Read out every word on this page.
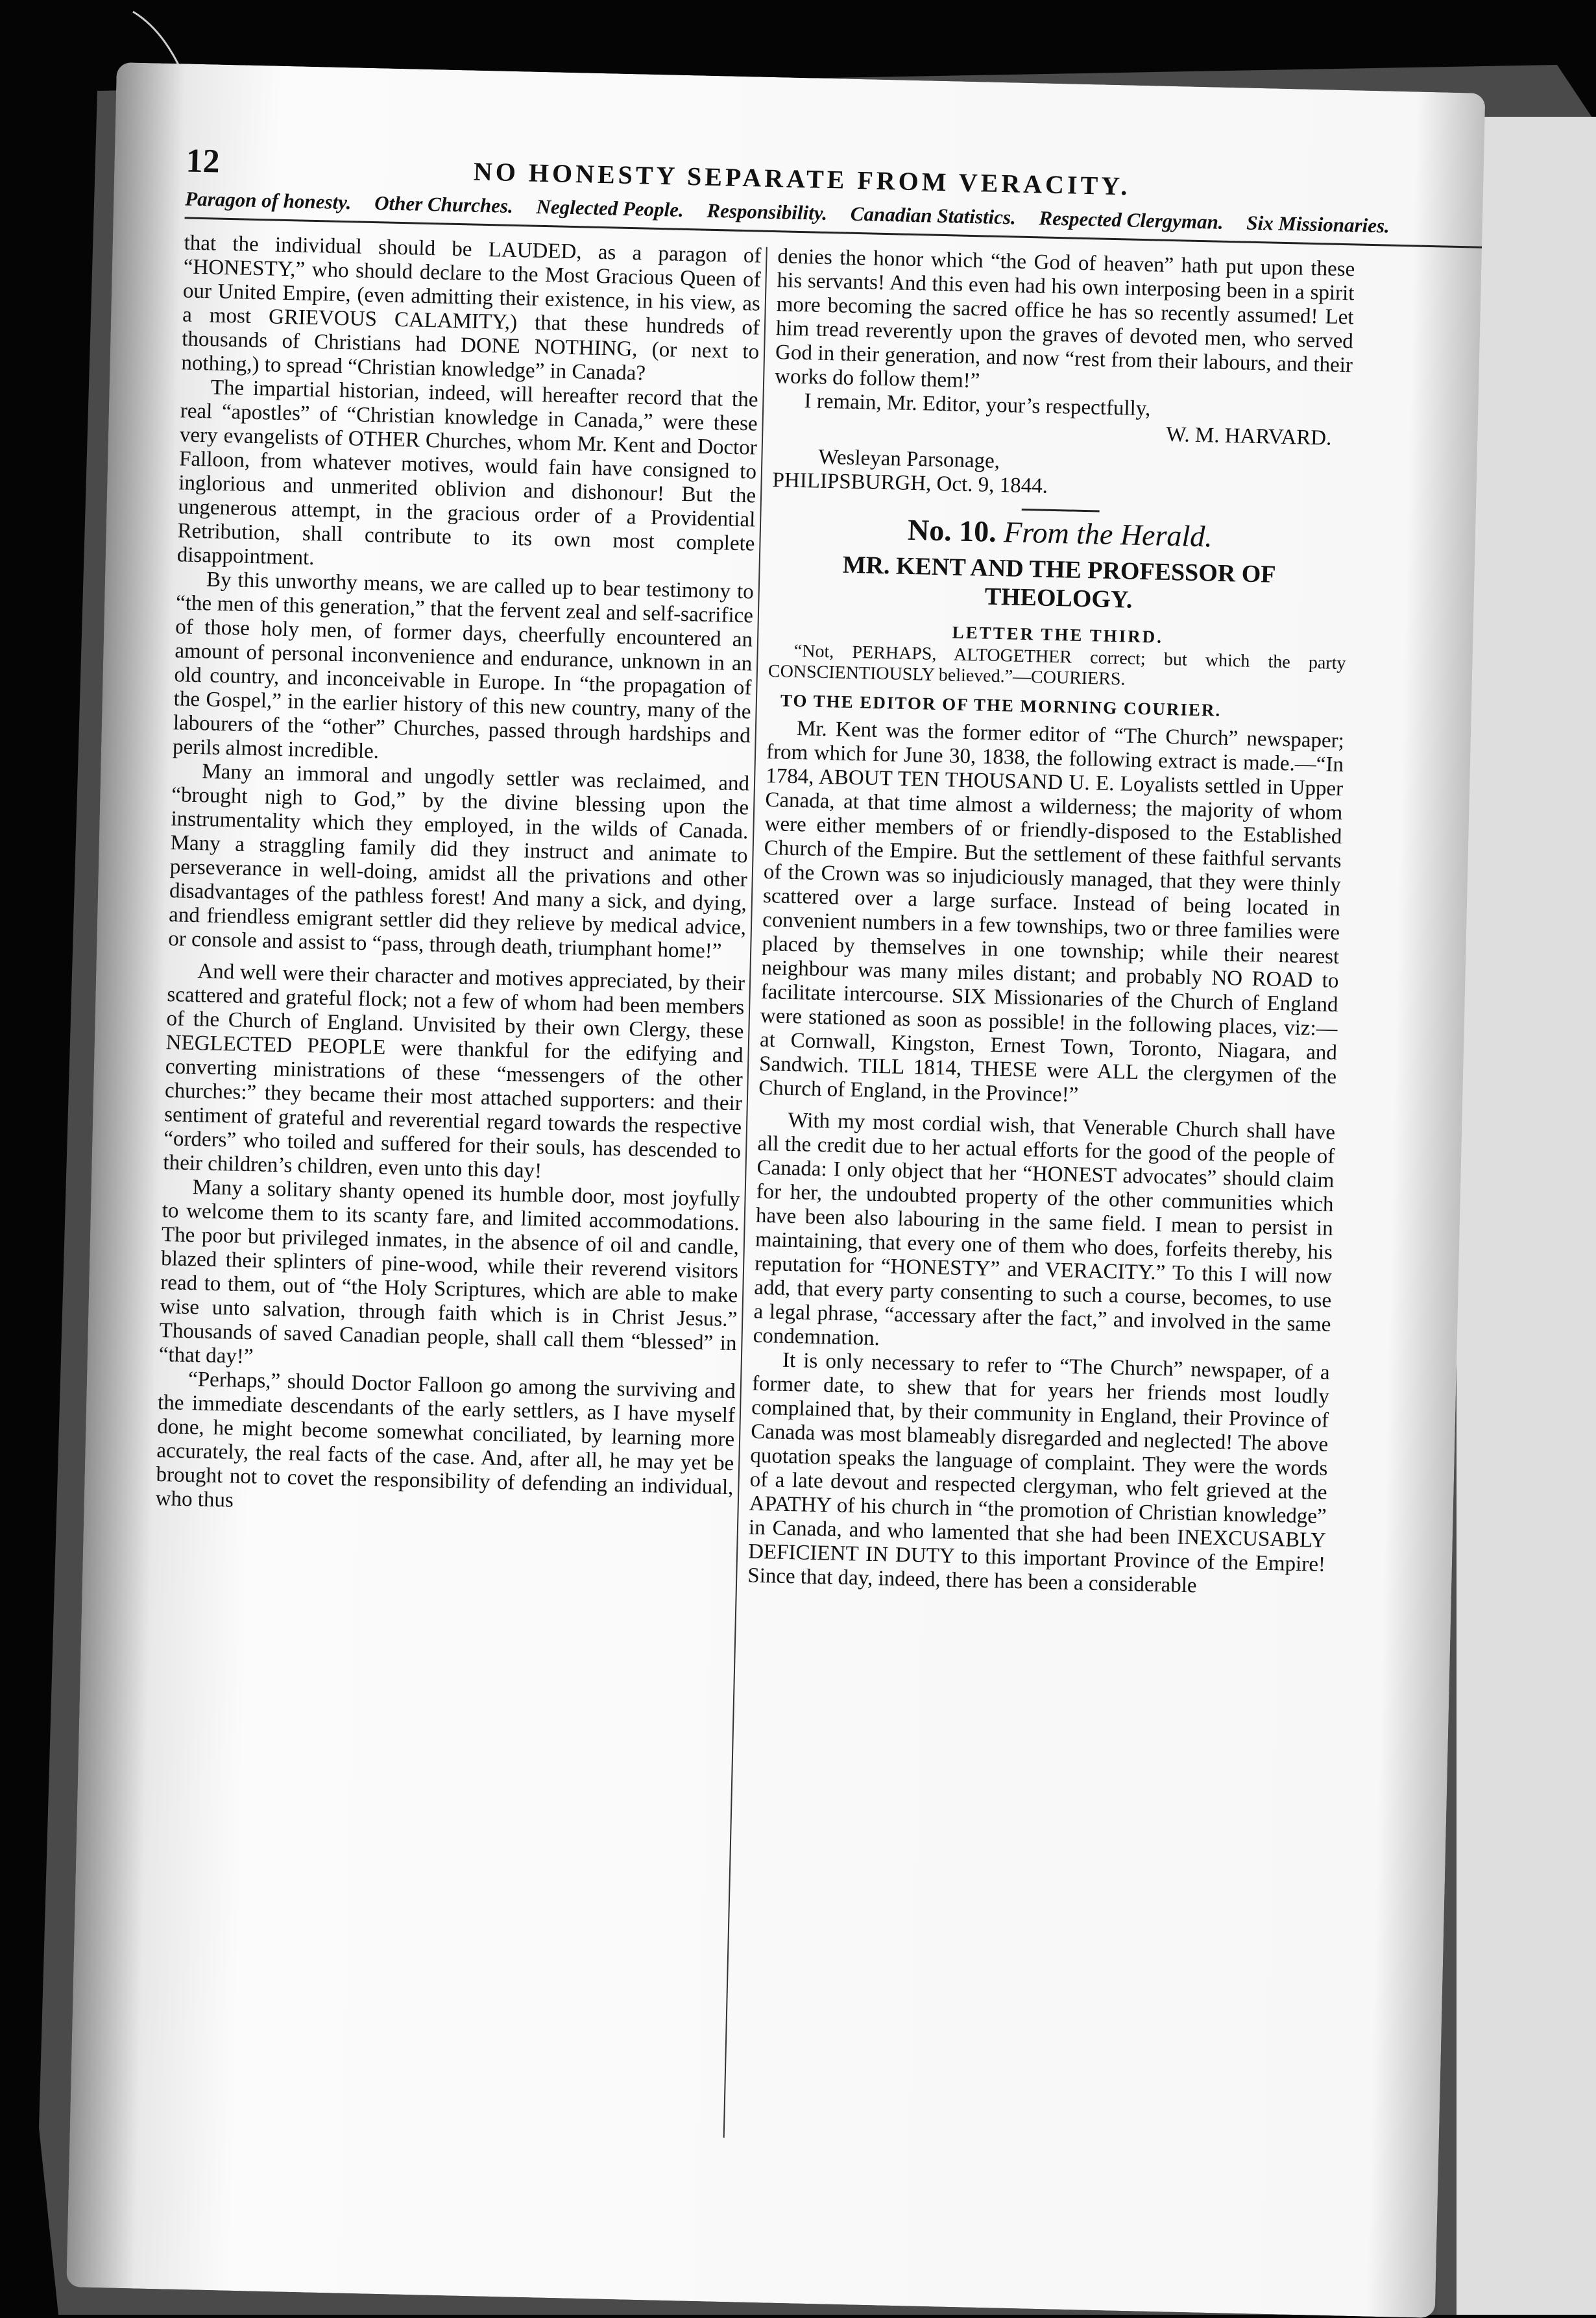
12	NO HONESTY SEPARATE FROM VERACITY.
Paragon of honesty. Other Churches. Neglected People. Responsibility. Canadian Statistics. Respected Clergyman. Six Missionaries.

that the individual should be LAUDED, as a paragon of “HONESTY,” who should declare to the Most Gracious Queen of our United Empire, (even admitting their existence, in his view, as a most GRIEVOUS CALAMITY,) that these hundreds of thousands of Christians had DONE NOTHING, (or next to nothing,) to spread “Christian knowledge” in Canada?

The impartial historian, indeed, will hereafter record that the real “apostles” of “Christian knowledge in Canada,” were these very evangelists of OTHER Churches, whom Mr. Kent and Doctor Falloon, from whatever motives, would fain have consigned to inglorious and unmerited oblivion and dishonour! But the ungenerous attempt, in the gracious order of a Providential Retribution, shall contribute to its own most complete disappointment.

By this unworthy means, we are called up to bear testimony to “the men of this generation,” that the fervent zeal and self-sacrifice of those holy men, of former days, cheerfully encountered an amount of personal inconvenience and endurance, unknown in an old country, and inconceivable in Europe. In “the propagation of the Gospel,” in the earlier history of this new country, many of the labourers of the “other” Churches, passed through hardships and perils almost incredible.

Many an immoral and ungodly settler was reclaimed, and “brought nigh to God,” by the divine blessing upon the instrumentality which they employed, in the wilds of Canada. Many a straggling family did they instruct and animate to perseverance in well-doing, amidst all the privations and other disadvantages of the pathless forest! And many a sick, and dying, and friendless emigrant settler did they relieve by medical advice, or console and assist to “pass, through death, triumphant home!”

And well were their character and motives appreciated, by their scattered and grateful flock; not a few of whom had been members of the Church of England. Unvisited by their own Clergy, these NEGLECTED PEOPLE were thankful for the edifying and converting ministrations of these “messengers of the other churches:” they became their most attached supporters: and their sentiment of grateful and reverential regard towards the respective “orders” who toiled and suffered for their souls, has descended to their children’s children, even unto this day!

Many a solitary shanty opened its humble door, most joyfully to welcome them to its scanty fare, and limited accommodations. The poor but privileged inmates, in the absence of oil and candle, blazed their splinters of pine-wood, while their reverend visitors read to them, out of “the Holy Scriptures, which are able to make wise unto salvation, through faith which is in Christ Jesus.” Thousands of saved Canadian people, shall call them “blessed” in “that day!”

“Perhaps,” should Doctor Falloon go among the surviving and the immediate descendants of the early settlers, as I have myself done, he might become somewhat conciliated, by learning more accurately, the real facts of the case. And, after all, he may yet be brought not to covet the responsibility of defending an individual, who thus

denies the honor which “the God of heaven” hath put upon these his servants! And this even had his own interposing been in a spirit more becoming the sacred office he has so recently assumed! Let him tread reverently upon the graves of devoted men, who served God in their generation, and now “rest from their labours, and their works do follow them!”

I remain, Mr. Editor, your’s respectfully,

W. M. HARVARD.
Wesleyan Parsonage,
PHILIPSBURGH, Oct. 9, 1844.
No. 10. From the Herald.
MR. KENT AND THE PROFESSOR OF THEOLOGY.
LETTER THE THIRD.

“Not, PERHAPS, ALTOGETHER correct; but which the party CONSCIENTIOUSLY believed.”—COURIERS.

TO THE EDITOR OF THE MORNING COURIER.

Mr. Kent was the former editor of “The Church” newspaper; from which for June 30, 1838, the following extract is made.—“In 1784, ABOUT TEN THOUSAND U. E. Loyalists settled in Upper Canada, at that time almost a wilderness; the majority of whom were either members of or friendly-disposed to the Established Church of the Empire. But the settlement of these faithful servants of the Crown was so injudiciously managed, that they were thinly scattered over a large surface. Instead of being located in convenient numbers in a few townships, two or three families were placed by themselves in one township; while their nearest neighbour was many miles distant; and probably NO ROAD to facilitate intercourse. SIX Missionaries of the Church of England were stationed as soon as possible! in the following places, viz:—at Cornwall, Kingston, Ernest Town, Toronto, Niagara, and Sandwich. TILL 1814, THESE were ALL the clergymen of the Church of England, in the Province!”

With my most cordial wish, that Venerable Church shall have all the credit due to her actual efforts for the good of the people of Canada: I only object that her “HONEST advocates” should claim for her, the undoubted property of the other communities which have been also labouring in the same field. I mean to persist in maintaining, that every one of them who does, forfeits thereby, his reputation for “HONESTY” and VERACITY.” To this I will now add, that every party consenting to such a course, becomes, to use a legal phrase, “accessary after the fact,” and involved in the same condemnation.

It is only necessary to refer to “The Church” newspaper, of a former date, to shew that for years her friends most loudly complained that, by their community in England, their Province of Canada was most blameably disregarded and neglected! The above quotation speaks the language of complaint. They were the words of a late devout and respected clergyman, who felt grieved at the APATHY of his church in “the promotion of Christian knowledge” in Canada, and who lamented that she had been INEXCUSABLY DEFICIENT IN DUTY to this important Province of the Empire! Since that day, indeed, there has been a considerable
